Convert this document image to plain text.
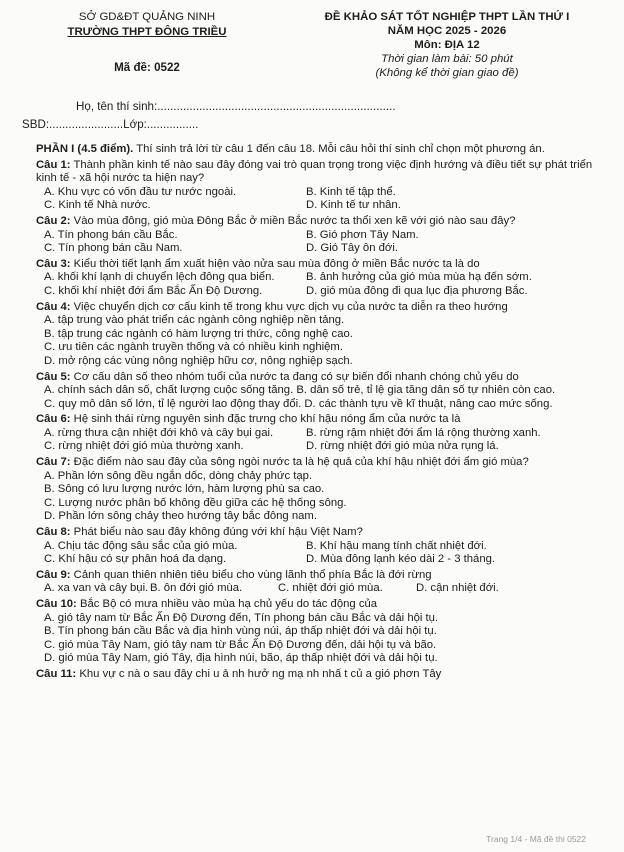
SỞ GD&ĐT QUẢNG NINH
TRƯỜNG THPT ĐÔNG TRIỀU
Mã đề: 0522
ĐỀ KHẢO SÁT TỐT NGHIỆP THPT LẦN THỨ I
NĂM HỌC 2025 - 2026
Môn: ĐỊA 12
Thời gian làm bài: 50 phút
(Không kể thời gian giao đề)
Họ, tên thí sinh:..........................................................................
SBD:.......................Lớp:................
PHẦN I (4.5 điểm). Thí sinh trả lời từ câu 1 đến câu 18. Mỗi câu hỏi thí sinh chỉ chọn một phương án.
Câu 1: Thành phần kinh tế nào sau đây đóng vai trò quan trọng trong việc định hướng và điều tiết sự phát triển kinh tế - xã hội nước ta hiện nay?
A. Khu vực có vốn đầu tư nước ngoài.	B. Kinh tế tập thể.
C. Kinh tế Nhà nước.	D. Kinh tế tư nhân.
Câu 2: Vào mùa đông, gió mùa Đông Bắc ở miền Bắc nước ta thổi xen kẽ với gió nào sau đây?
A. Tín phong bán cầu Bắc.	B. Gió phơn Tây Nam.
C. Tín phong bán cầu Nam.	D. Gió Tây ôn đới.
Câu 3: Kiểu thời tiết lạnh ẩm xuất hiện vào nửa sau mùa đông ở miền Bắc nước ta là do
A. khối khí lạnh di chuyển lệch đông qua biển.	B. ảnh hưởng của gió mùa mùa hạ đến sớm.
C. khối khí nhiệt đới ẩm Bắc Ấn Độ Dương.	D. gió mùa đông đi qua lục địa phương Bắc.
Câu 4: Việc chuyển dịch cơ cấu kinh tế trong khu vực dịch vụ của nước ta diễn ra theo hướng
A. tập trung vào phát triển các ngành công nghiệp nền tảng.
B. tập trung các ngành có hàm lượng tri thức, công nghệ cao.
C. ưu tiên các ngành truyền thống và có nhiều kinh nghiệm.
D. mở rộng các vùng nông nghiệp hữu cơ, nông nghiệp sạch.
Câu 5: Cơ cấu dân số theo nhóm tuổi của nước ta đang có sự biến đổi nhanh chóng chủ yếu do
A. chính sách dân số, chất lượng cuộc sống tăng. B. dân số trẻ, tỉ lệ gia tăng dân số tự nhiên còn cao.
C. quy mô dân số lớn, tỉ lệ người lao động thay đổi. D. các thành tựu về kĩ thuật, nâng cao mức sống.
Câu 6: Hệ sinh thái rừng nguyên sinh đặc trưng cho khí hậu nóng ẩm của nước ta là
A. rừng thưa cận nhiệt đới khô và cây bụi gai.	B. rừng rậm nhiệt đới ẩm lá rộng thường xanh.
C. rừng nhiệt đới gió mùa thường xanh.	D. rừng nhiệt đới gió mùa nửa rụng lá.
Câu 7: Đặc điểm nào sau đây của sông ngòi nước ta là hệ quả của khí hậu nhiệt đới ẩm gió mùa?
A. Phần lớn sông đều ngắn dốc, dòng chảy phức tạp.
B. Sông có lưu lượng nước lớn, hàm lượng phù sa cao.
C. Lượng nước phân bố không đều giữa các hệ thống sông.
D. Phần lớn sông chảy theo hướng tây bắc đông nam.
Câu 8: Phát biểu nào sau đây không đúng với khí hậu Việt Nam?
A. Chịu tác động sâu sắc của gió mùa.	B. Khí hậu mang tính chất nhiệt đới.
C. Khí hậu có sự phân hoá đa dạng.	D. Mùa đông lạnh kéo dài 2 - 3 tháng.
Câu 9: Cảnh quan thiên nhiên tiêu biểu cho vùng lãnh thổ phía Bắc là đới rừng
A. xa van và cây bụi. B. ôn đới gió mùa.	C. nhiệt đới gió mùa.	D. cận nhiệt đới.
Câu 10: Bắc Bộ có mưa nhiều vào mùa hạ chủ yếu do tác động của
A. gió tây nam từ Bắc Ấn Độ Dương đến, Tín phong bán cầu Bắc và dải hội tụ.
B. Tín phong bán cầu Bắc và địa hình vùng núi, áp thấp nhiệt đới và dải hội tụ.
C. gió mùa Tây Nam, gió tây nam từ Bắc Ấn Độ Dương đến, dải hội tụ và bão.
D. gió mùa Tây Nam, gió Tây, địa hình núi, bão, áp thấp nhiệt đới và dải hội tụ.
Câu 11: Khu vự c nà o sau đây chi u ả nh hưở ng mạ nh nhấ t củ a gió phơn Tây
Trang 1/4 - Mã đề thi 0522
